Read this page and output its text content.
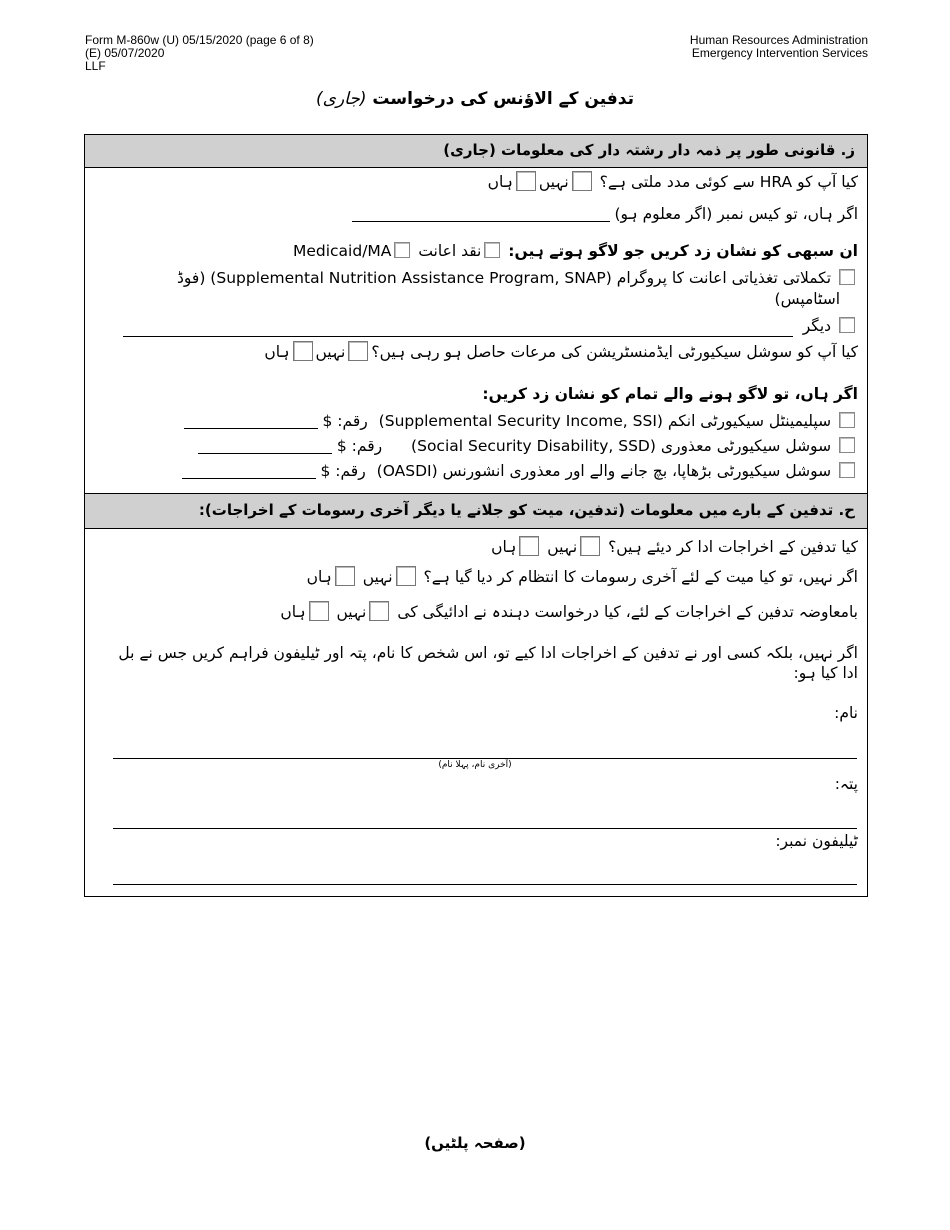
Form M-860w (U) 05/15/2020 (page 6 of 8)
(E) 05/07/2020
LLF
Human Resources Administration
Emergency Intervention Services
تدفین کے الاؤنس کی درخواست (جاری)
ز. قانونی طور پر ذمہ دار رشتہ دار کی معلومات (جاری)
کیا آپ کو HRA سے کوئی مدد ملتی ہے؟ نہیںہاں
اگر ہاں، تو کیس نمبر (اگر معلوم ہو)
ان سبھی کو نشان زد کریں جو لاگو ہوتے ہیں: نقد اعانت Medicaid/MA
تکملاتی تغذیاتی اعانت کا پروگرام (Supplemental Nutrition Assistance Program, SNAP) (فوڈ
اسٹامپس)
دیگر
کیا آپ کو سوشل سیکیورٹی ایڈمنسٹریشن کی مرعات حاصل ہو رہی ہیں؟نہیںہاں
اگر ہاں، تو لاگو ہونے والے تمام کو نشان زد کریں:
سپلیمینٹل سیکیورٹی انکم (Supplemental Security Income, SSI) رقم: $
سوشل سیکیورٹی معذوری (Social Security Disability, SSD) رقم: $
سوشل سیکیورٹی بڑھاپا، بچ جانے والے اور معذوری انشورنس (OASDI) رقم: $
ح. تدفین کے بارے میں معلومات (تدفین، میت کو جلانے یا دیگر آخری رسومات کے اخراجات):
کیا تدفین کے اخراجات ادا کر دیئے ہیں؟ نہیں ہاں
اگر نہیں، تو کیا میت کے لئے آخری رسومات کا انتظام کر دیا گیا ہے؟ نہیں ہاں
بامعاوضہ تدفین کے اخراجات کے لئے، کیا درخواست دہندہ نے ادائیگی کی نہیں ہاں
اگر نہیں، بلکہ کسی اور نے تدفین کے اخراجات ادا کیے تو، اس شخص کا نام، پتہ اور ٹیلیفون فراہم کریں جس نے بل ادا کیا ہو:
نام:
(آخری نام، پہلا نام)
پتہ:
ٹیلیفون نمبر:
(صفحہ پلٹیں)
